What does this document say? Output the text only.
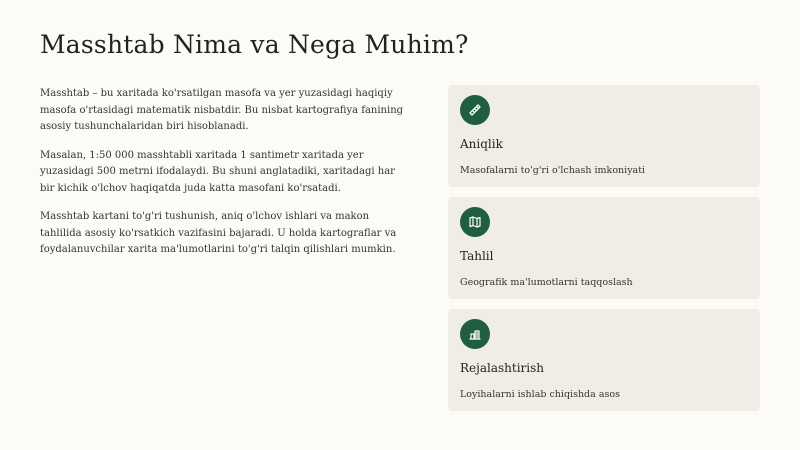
Masshtab Nima va Nega Muhim?

Masshtab – bu xaritada ko'rsatilgan masofa va yer yuzasidagi haqiqiy masofa o'rtasidagi matematik nisbatdir. Bu nisbat kartografiya fanining asosiy tushunchalaridan biri hisoblanadi.

Masalan, 1:50 000 masshtabli xaritada 1 santimetr xaritada yer yuzasidagi 500 metrni ifodalaydi. Bu shuni anglatadiki, xaritadagi har bir kichik o'lchov haqiqatda juda katta masofani ko'rsatadi.

Masshtab kartani to'g'ri tushunish, aniq o'lchov ishlari va makon tahlilida asosiy ko'rsatkich vazifasini bajaradi. U holda kartograflar va foydalanuvchilar xarita ma'lumotlarini to'g'ri talqin qilishlari mumkin.

Aniqlik
Masofalarni to'g'ri o'lchash imkoniyati
Tahlil
Geografik ma'lumotlarni taqqoslash
Rejalashtirish
Loyihalarni ishlab chiqishda asos
